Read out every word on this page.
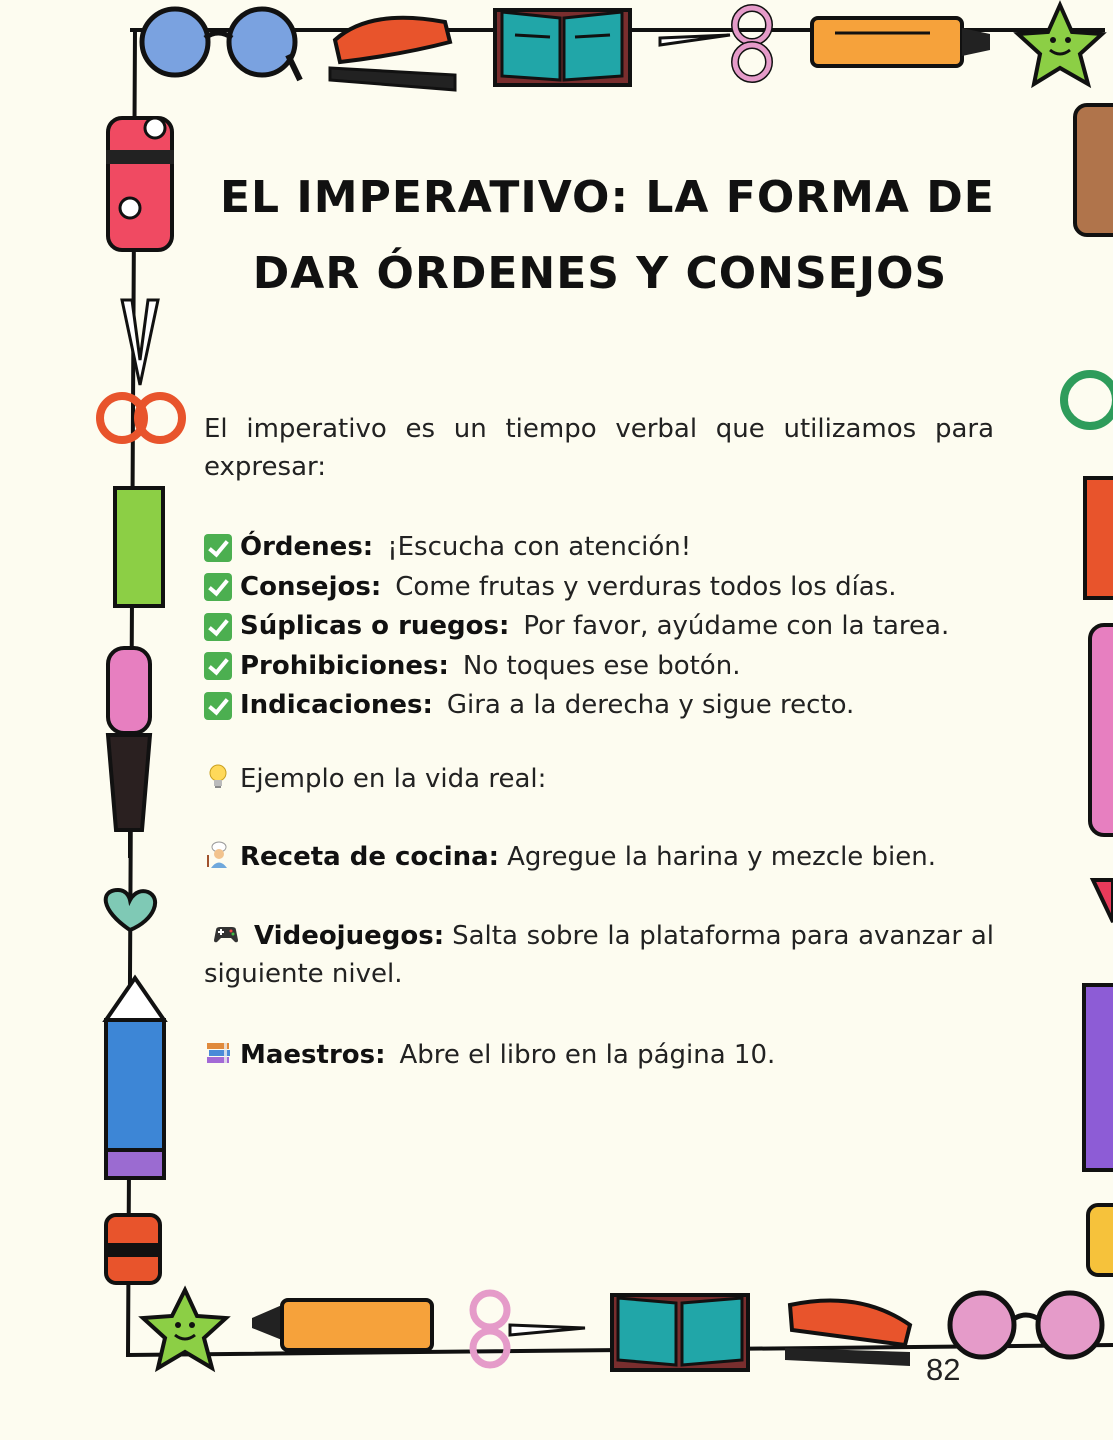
EL IMPERATIVO: LA FORMA DE
DAR ÓRDENES Y CONSEJOS
El imperativo es un tiempo verbal que utilizamos para expresar:
Órdenes: ¡Escucha con atención!
Consejos: Come frutas y verduras todos los días.
Súplicas o ruegos: Por favor, ayúdame con la tarea.
Prohibiciones: No toques ese botón.
Indicaciones: Gira a la derecha y sigue recto.
Ejemplo en la vida real:
Receta de cocina: Agregue la harina y mezcle bien.
Videojuegos: Salta sobre la plataforma para avanzar al siguiente nivel.
Maestros: Abre el libro en la página 10.
82
